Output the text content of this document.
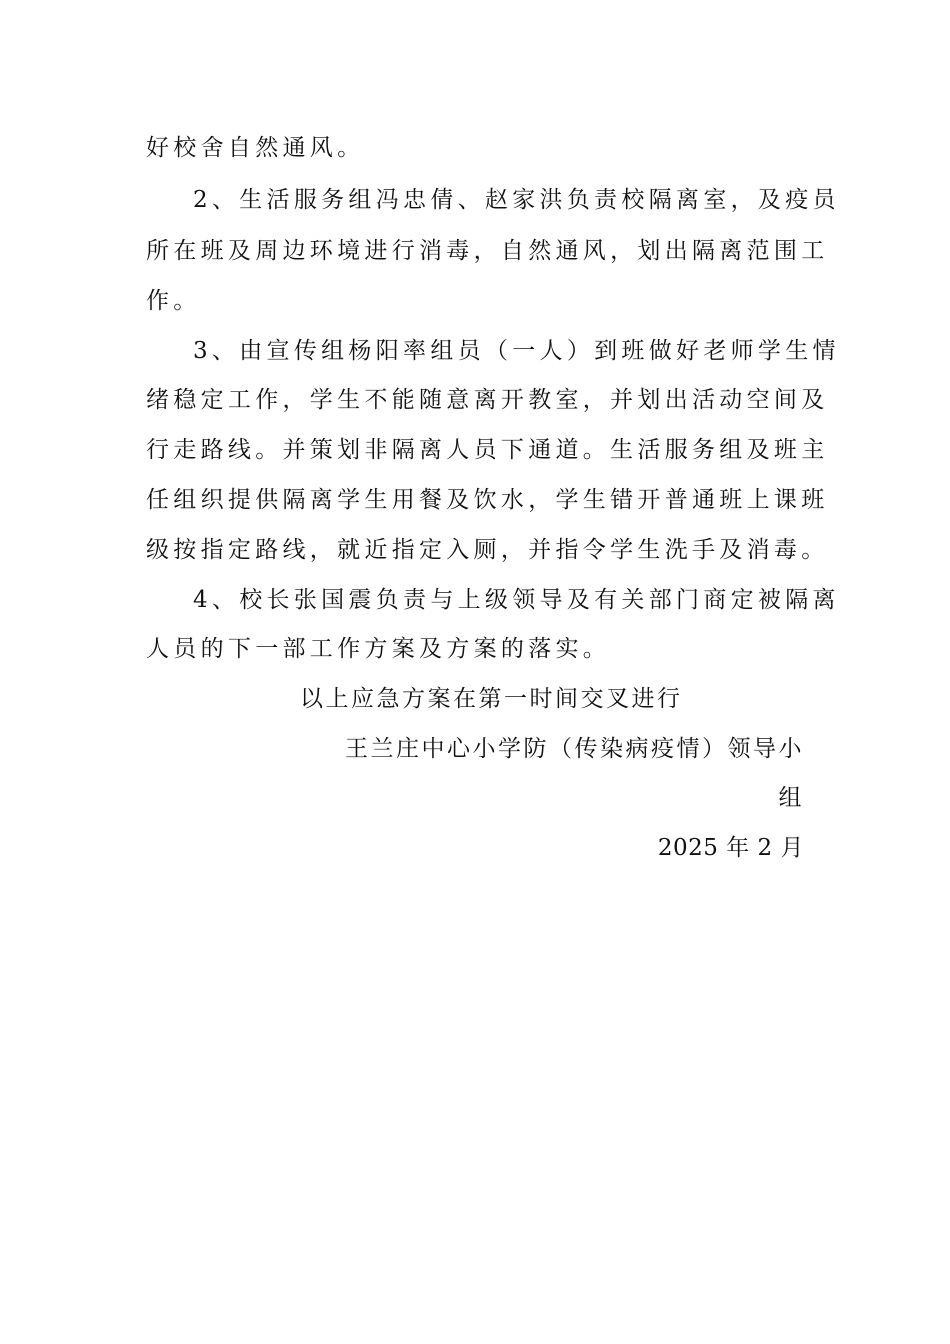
好校舍自然通风。
2、生活服务组冯忠倩、赵家洪负责校隔离室，及疫员
所在班及周边环境进行消毒，自然通风，划出隔离范围工
作。
3、由宣传组杨阳率组员（一人）到班做好老师学生情
绪稳定工作，学生不能随意离开教室，并划出活动空间及
行走路线。并策划非隔离人员下通道。生活服务组及班主
任组织提供隔离学生用餐及饮水，学生错开普通班上课班
级按指定路线，就近指定入厕，并指令学生洗手及消毒。
4、校长张国震负责与上级领导及有关部门商定被隔离
人员的下一部工作方案及方案的落实。
以上应急方案在第一时间交叉进行
王兰庄中心小学防（传染病疫情）领导小
组
2025 年 2 月
